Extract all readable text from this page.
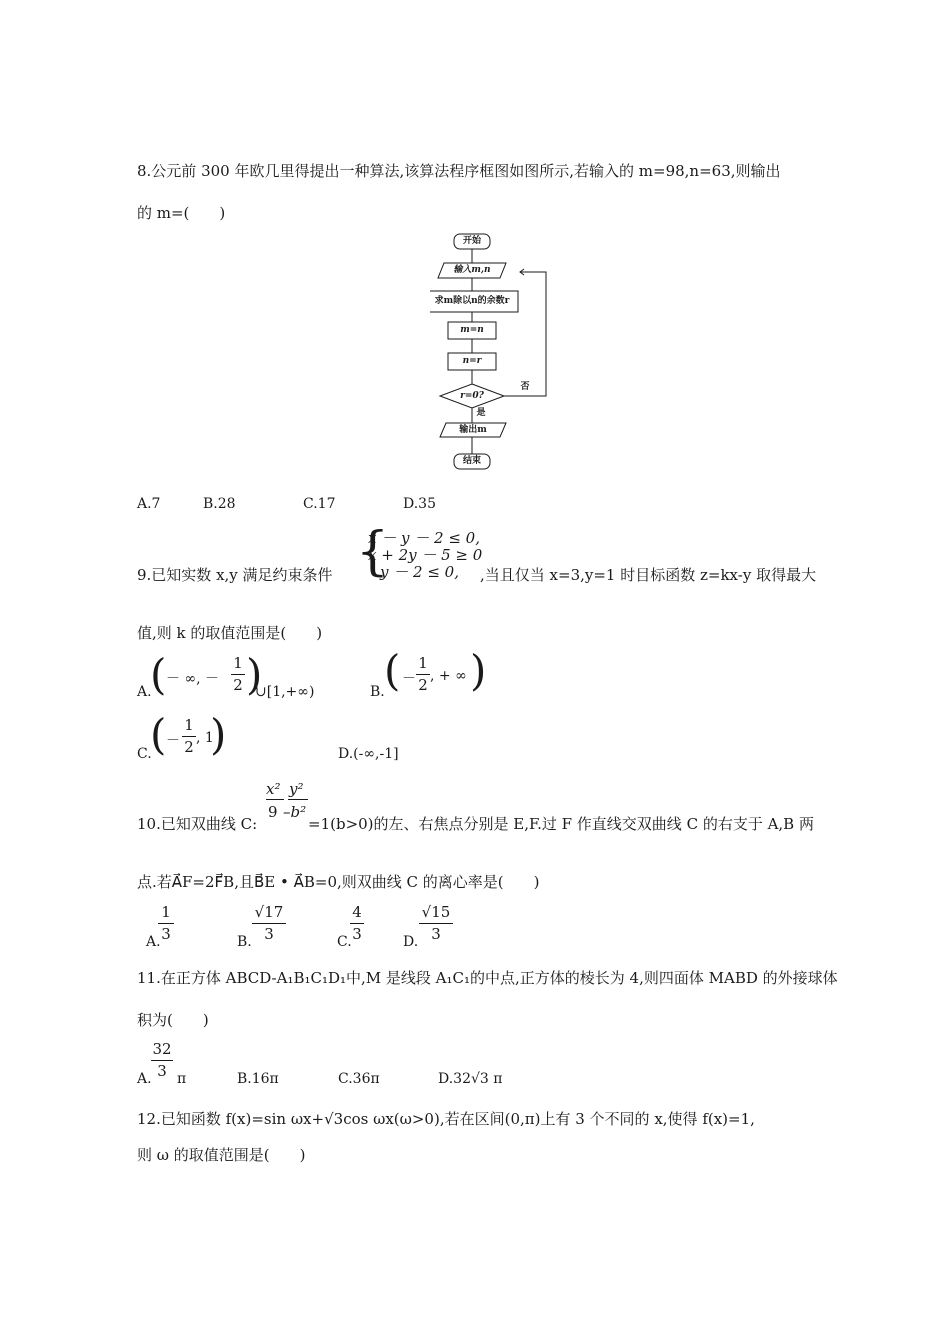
8.公元前 300 年欧几里得提出一种算法,该算法程序框图如图所示,若输入的 m=98,n=63,则输出
的 m=(　　)
开始
输入m,n
求m除以n的余数r
m=n
n=r
r=0?
否
是
输出m
结束
A.7	B.28	C.17	D.35
9.已知实数 x,y 满足约束条件 {
x － y － 2 ≤ 0,
x + 2y － 5 ≥ 0
y － 2 ≤ 0, ,当且仅当 x=3,y=1 时目标函数 z=kx-y 取得最大
值,则 k 的取值范围是(　　)
A.
( － ∞, －
1
2 )
∪[1,+∞)	B. ( －
1
2 , + ∞ )
C.
( －
1
2 , 1
)	D.(-∞,-1]
10.已知双曲线 C:
x²
9
y²
–b²
=1(b>0)的左、右焦点分别是 E,F.过 F 作直线交双曲线 C 的右支于 A,B 两
点.若A⃗F=2F⃗B,且B⃗E • A⃗B=0,则双曲线 C 的离心率是(　　)
A.
1
3	B.
√17
3	C.
4
3	D.
√15
3
11.在正方体 ABCD-A₁B₁C₁D₁中,M 是线段 A₁C₁的中点,正方体的棱长为 4,则四面体 MABD 的外接球体
积为(　　)
A.
32
3 π	B.16π	C.36π	D.32√3 π
12.已知函数 f(x)=sin ωx+√3cos ωx(ω>0),若在区间(0,π)上有 3 个不同的 x,使得 f(x)=1,
则 ω 的取值范围是(　　)
